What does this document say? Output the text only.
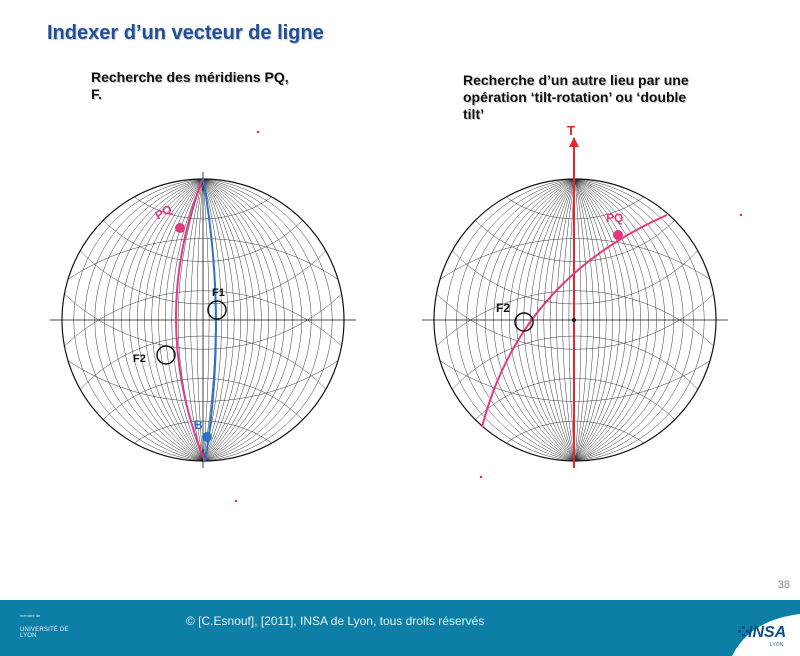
Indexer d’un vecteur de ligne
Recherche des méridiens PQ,
F.
Recherche d’un autre lieu par une
opération ‘tilt-rotation’ ou ‘double
tilt’
PQ
F1
F2
B
T
PQ
F2
38
membre de
UNIVERSITÉ DE LYON
© [C.Esnouf], [2011], INSA de Lyon, tous droits réservés
INSA
LYON
